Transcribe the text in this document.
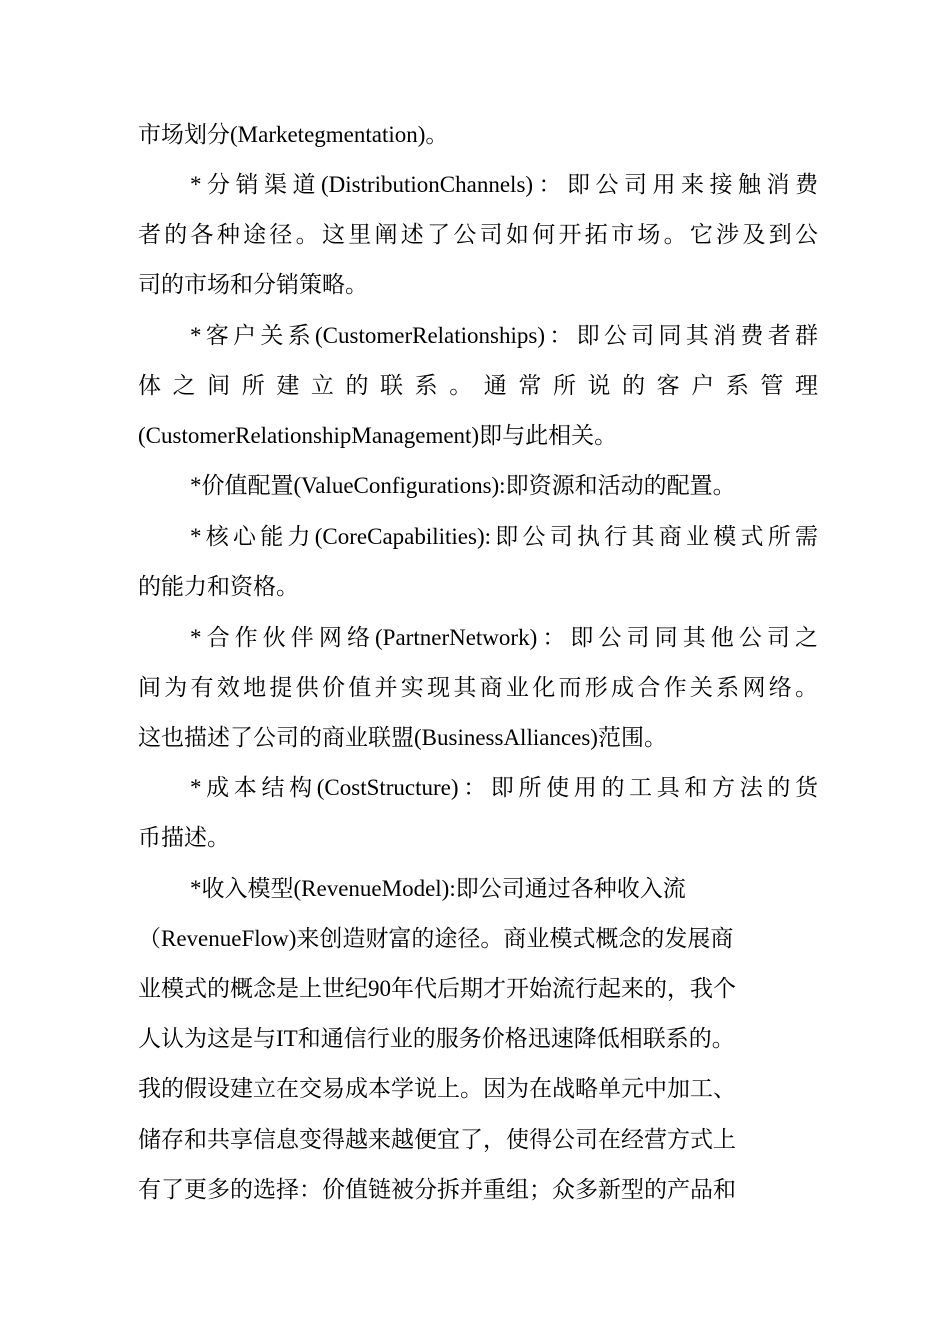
市场划分(Marketegmentation)。
*分销渠道(DistributionChannels)：即公司用来接触消费
者的各种途径。这里阐述了公司如何开拓市场。它涉及到公
司的市场和分销策略。
*客户关系(CustomerRelationships)：即公司同其消费者群
体 之 间 所 建 立 的 联 系 。 通 常 所 说 的 客 户 系 管 理
(CustomerRelationshipManagement)即与此相关。
*价值配置(ValueConfigurations):即资源和活动的配置。
*核心能力(CoreCapabilities):即公司执行其商业模式所需
的能力和资格。
*合作伙伴网络(PartnerNetwork)：即公司同其他公司之
间为有效地提供价值并实现其商业化而形成合作关系网络。
这也描述了公司的商业联盟(BusinessAlliances)范围。
*成本结构(CostStructure)：即所使用的工具和方法的货
币描述。
*收入模型(RevenueModel):即公司通过各种收入流
（RevenueFlow)来创造财富的途径。商业模式概念的发展商
业模式的概念是上世纪90年代后期才开始流行起来的，我个
人认为这是与IT和通信行业的服务价格迅速降低相联系的。
我的假设建立在交易成本学说上。因为在战略单元中加工、
储存和共享信息变得越来越便宜了，使得公司在经营方式上
有了更多的选择：价值链被分拆并重组；众多新型的产品和
